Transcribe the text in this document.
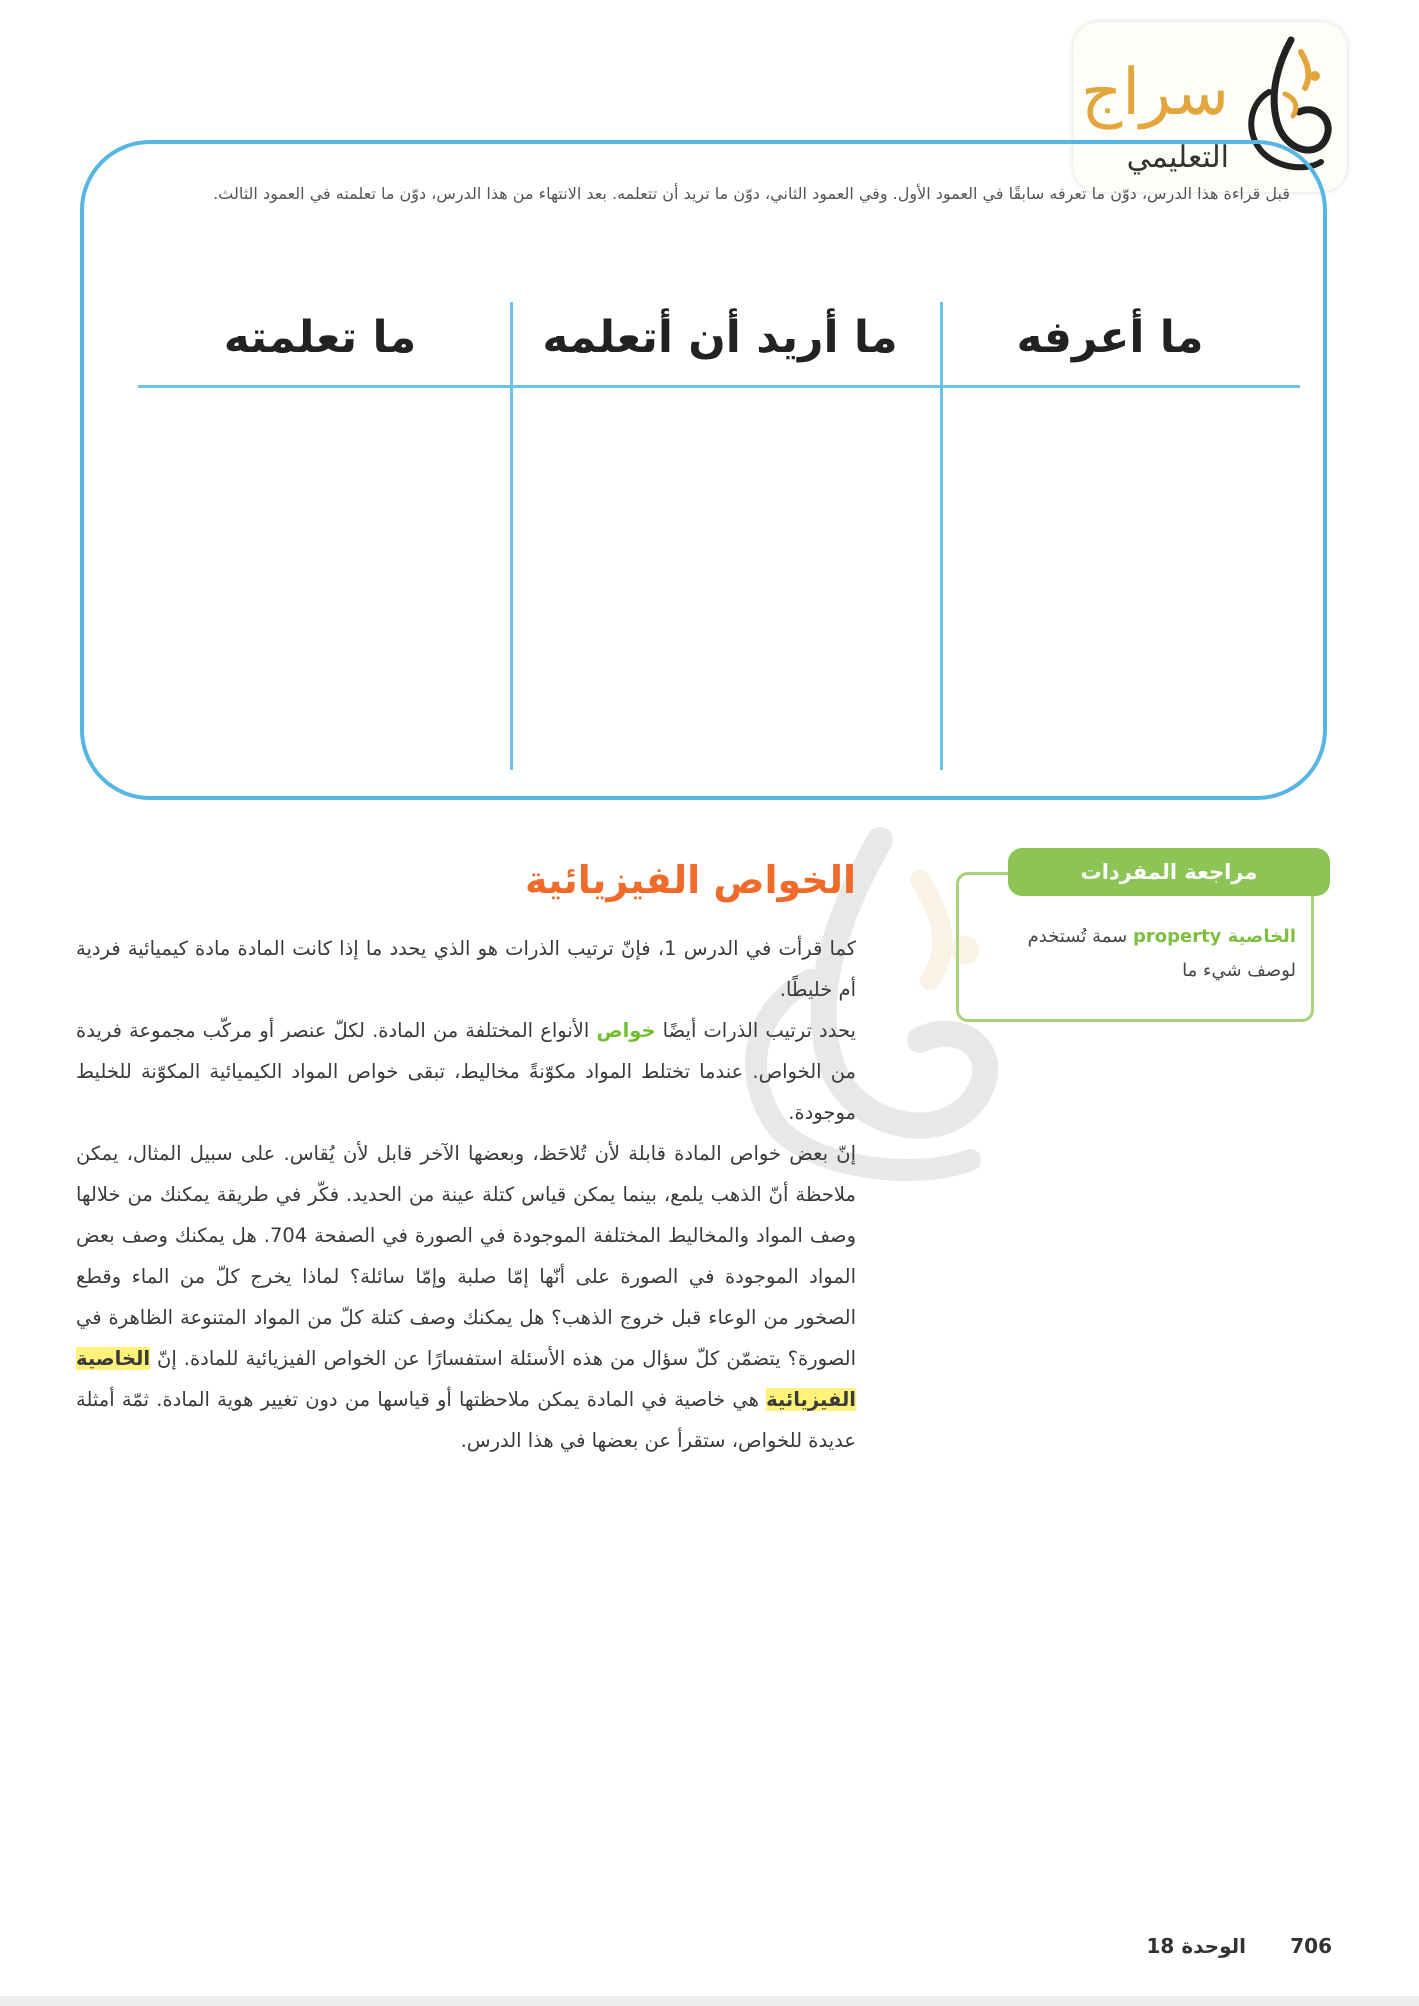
سراج
التعليمي
قبل قراءة هذا الدرس، دوّن ما تعرفه سابقًا في العمود الأول. وفي العمود الثاني، دوّن ما تريد أن تتعلمه. بعد الانتهاء من هذا الدرس، دوّن ما تعلمته في العمود الثالث.
ما أعرفه
ما أريد أن أتعلمه
ما تعلمته
مراجعة المفردات
الخاصية property سمة تُستخدم لوصف شيء ما
الخواص الفيزيائية

كما قرأت في الدرس 1، فإنّ ترتيب الذرات هو الذي يحدد ما إذا كانت المادة مادة كيميائية فردية أم خليطًا.

يحدد ترتيب الذرات أيضًا خواص الأنواع المختلفة من المادة. لكلّ عنصر أو مركّب مجموعة فريدة من الخواص. عندما تختلط المواد مكوّنةً مخاليط، تبقى خواص المواد الكيميائية المكوّنة للخليط موجودة.

إنّ بعض خواص المادة قابلة لأن تُلاحَظ، وبعضها الآخر قابل لأن يُقاس. على سبيل المثال، يمكن ملاحظة أنّ الذهب يلمع، بينما يمكن قياس كتلة عينة من الحديد. فكّر في طريقة يمكنك من خلالها وصف المواد والمخاليط المختلفة الموجودة في الصورة في الصفحة 704. هل يمكنك وصف بعض المواد الموجودة في الصورة على أنّها إمّا صلبة وإمّا سائلة؟ لماذا يخرج كلّ من الماء وقطع الصخور من الوعاء قبل خروج الذهب؟ هل يمكنك وصف كتلة كلّ من المواد المتنوعة الظاهرة في الصورة؟ يتضمّن كلّ سؤال من هذه الأسئلة استفسارًا عن الخواص الفيزيائية للمادة. إنّ الخاصية الفيزيائية هي خاصية في المادة يمكن ملاحظتها أو قياسها من دون تغيير هوية المادة. ثمّة أمثلة عديدة للخواص، ستقرأ عن بعضها في هذا الدرس.

706
الوحدة 18
